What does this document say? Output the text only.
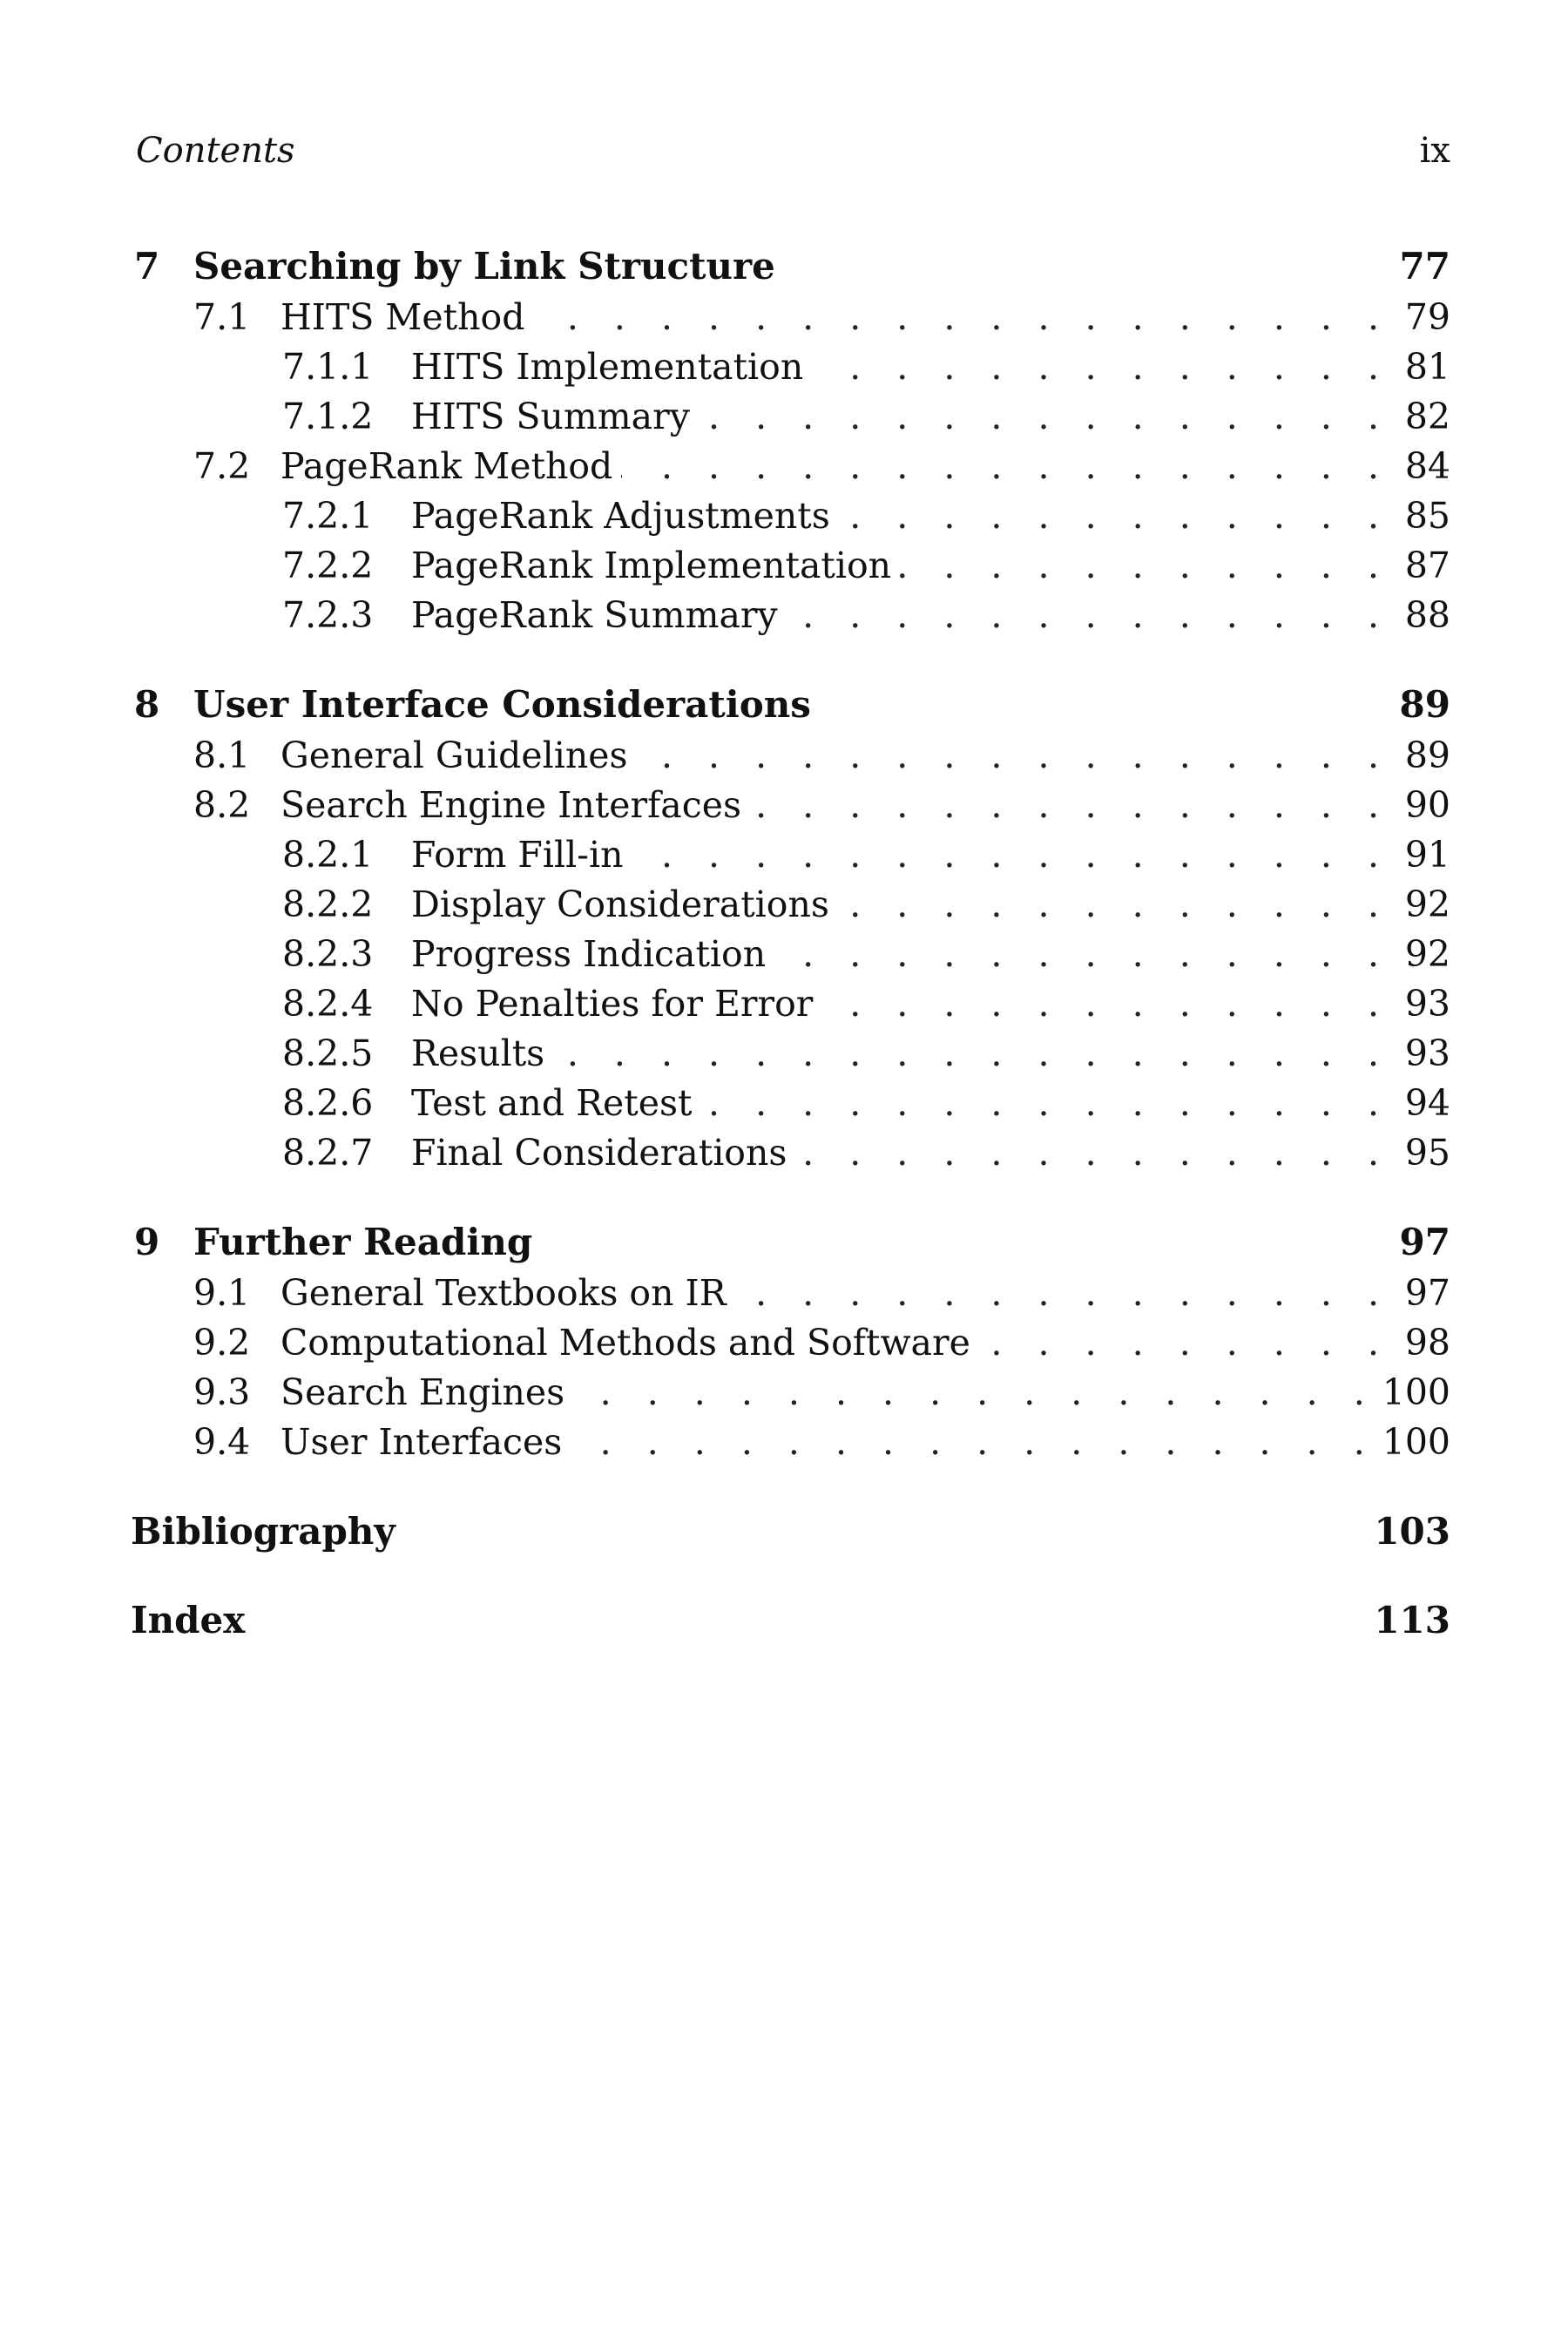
Contents	ix
7 Searching by Link Structure	77
7.1 HITS Method . . .	79
7.1.1	HITS Implementation . . .	81
7.1.2	HITS Summary . . .	82
7.2 PageRank Method . . .	84
7.2.1	PageRank Adjustments . . .	85
7.2.2	PageRank Implementation . . .	87
7.2.3	PageRank Summary . . .	88
8 User Interface Considerations	89
8.1 General Guidelines . . .	89
8.2 Search Engine Interfaces . . .	90
8.2.1	Form Fill-in . . .	91
8.2.2	Display Considerations . . .	92
8.2.3	Progress Indication . . .	92
8.2.4	No Penalties for Error . . .	93
8.2.5	Results . . .	93
8.2.6	Test and Retest . . .	94
8.2.7	Final Considerations . . .	95
9 Further Reading	97
9.1 General Textbooks on IR . . .	97
9.2 Computational Methods and Software . . .	98
9.3 Search Engines . . .	100
9.4 User Interfaces . . .	100
Bibliography	103
Index	113
